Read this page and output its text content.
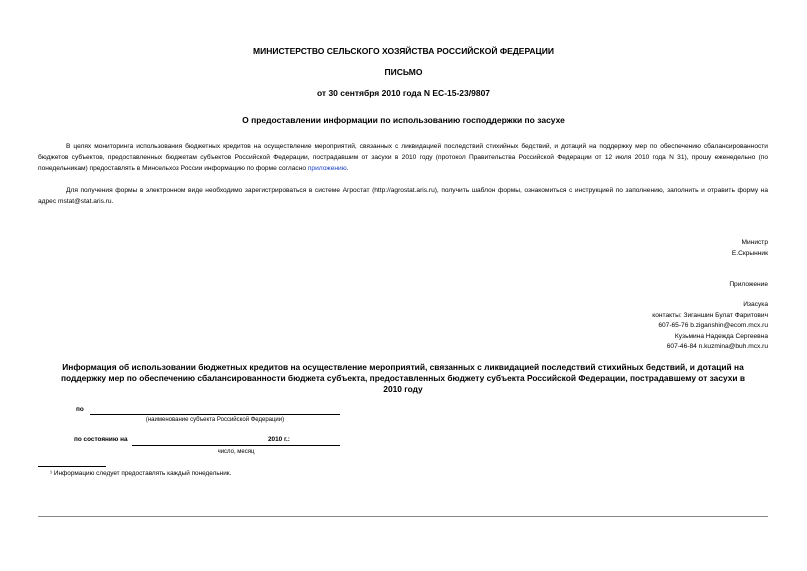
МИНИСТЕРСТВО СЕЛЬСКОГО ХОЗЯЙСТВА РОССИЙСКОЙ ФЕДЕРАЦИИ
ПИСЬМО
от 30 сентября 2010 года N ЕС-15-23/9807
О предоставлении информации по использованию господдержки по засухе
В целях мониторинга использования бюджетных кредитов на осуществление мероприятий, связанных с ликвидацией последствий стихийных бедствий, и дотаций на поддержку мер по обеспечению сбалансированности бюджетов субъектов, предоставленных бюджетам субъектов Российской Федерации, пострадавшим от засухи в 2010 году (протокол Правительства Российской Федерации от 12 июля 2010 года N 31), прошу еженедельно (по понедельникам) предоставлять в Минсельхоз России информацию по форме согласно приложению.
Для получения формы в электронном виде необходимо зарегистрироваться в системе Агростат (http://agrostat.aris.ru), получить шаблон формы, ознакомиться с инструкцией по заполнению, заполнить и отравить форму на адрес mstat@stat.aris.ru.
Министр
Е.Скрынник
Приложение
Изасука
контакты: Зиганшин Булат Фаритович
607-65-76 b.ziganshin@ecom.mcx.ru
Кузьмина Надежда Сергеевна
607-46-84 n.kuzmina@buh.mcx.ru
Информация об использовании бюджетных кредитов на осуществление мероприятий, связанных с ликвидацией последствий стихийных бедствий, и дотаций на
поддержку мер по обеспечению сбалансированности бюджета субъекта, предоставленных бюджету субъекта Российской Федерации, пострадавшему от засухи в
2010 году
по
(наименование субъекта Российской Федерации)
по состоянию на	2010 г.:
число, месяц
¹ Информацию следует предоставлять каждый понедельник.
